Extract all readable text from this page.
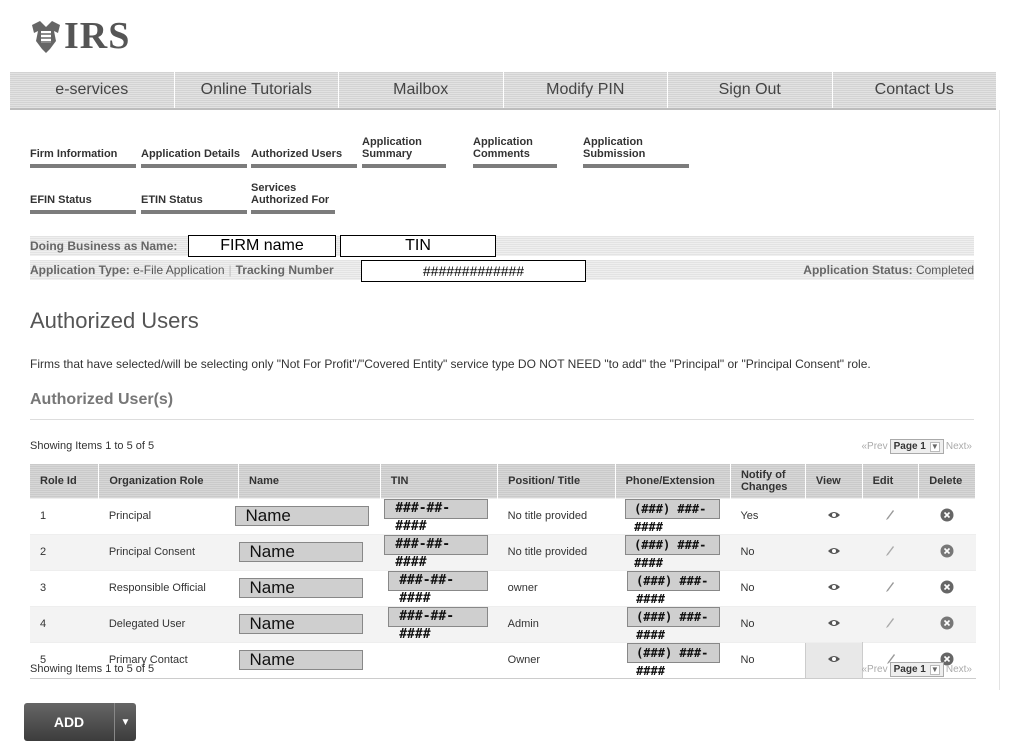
IRS
e-services	Online Tutorials	Mailbox	Modify PIN	Sign Out	Contact Us
Firm Information	Application Details Authorized Users
Application Summary
Application Comments
Application Submission
EFIN Status	ETIN Status
Services Authorized For
Doing Business as Name:	FIRM name	TIN
Application Type:
e-File Application | Tracking Number	Application Status: Completed
#############
Authorized Users
Firms that have selected/will be selecting only "Not For Profit"/"Covered Entity" service type DO NOT NEED "to add" the "Principal" or "Principal Consent" role.
Authorized User(s)
Showing Items 1 to 5 of 5	«Prev Page 1 ▼ Next»
Role Id	Organization Role	Name	TIN	Position/ Title	Phone/Extension	Notify of Changes	View	Edit	Delete
1	Principal	Name	###-##-####	No title provided	(###) ###-####	Yes	

2	Principal Consent	Name	###-##-####	No title provided	(###) ###-####	No	

3	Responsible Official	Name	###-##-####	owner	(###) ###-####	No	

4	Delegated User	Name	###-##-####	Admin	(###) ###-####	No	

5	Primary Contact	Name		Owner	(###) ###-####	No	

Showing Items 1 to 5 of 5	«Prev Page 1 ▼ Next»
ADD	▼
